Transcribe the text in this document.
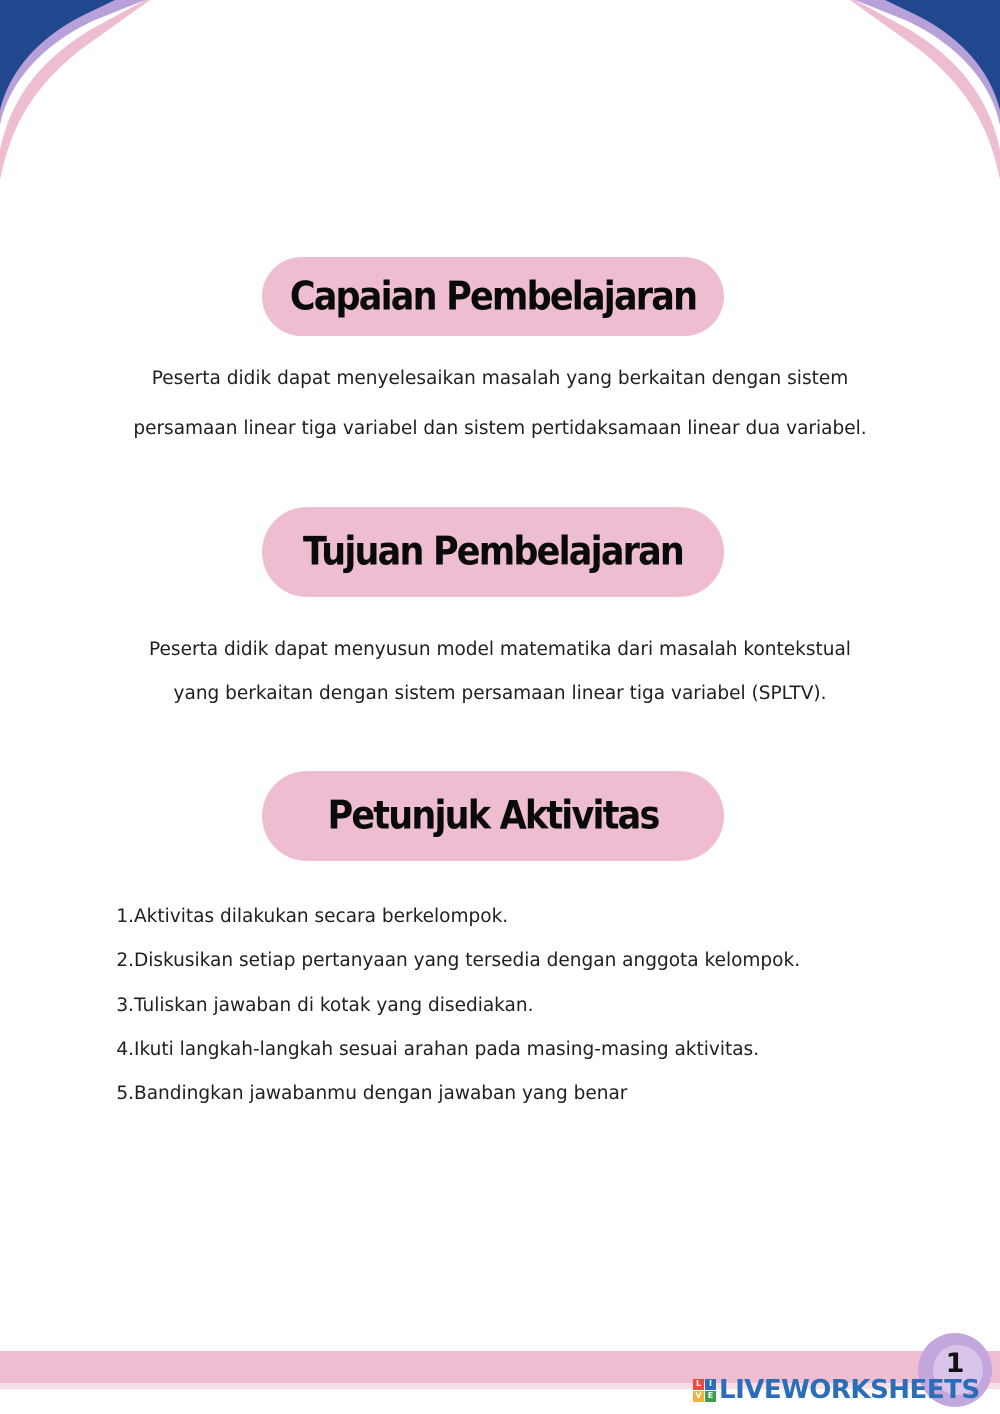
Capaian Pembelajaran

Peserta didik dapat menyelesaikan masalah yang berkaitan dengan sistem
persamaan linear tiga variabel dan sistem pertidaksamaan linear dua variabel.

Tujuan Pembelajaran

Peserta didik dapat menyusun model matematika dari masalah kontekstual
yang berkaitan dengan sistem persamaan linear tiga variabel (SPLTV).

Petunjuk Aktivitas
1. Aktivitas dilakukan secara berkelompok.
2. Diskusikan setiap pertanyaan yang tersedia dengan anggota kelompok.
3. Tuliskan jawaban di kotak yang disediakan.
4. Ikuti langkah-langkah sesuai arahan pada masing-masing aktivitas.
5. Bandingkan jawabanmu dengan jawaban yang benar
1
L I
V E LIVEWORKSHEETS
